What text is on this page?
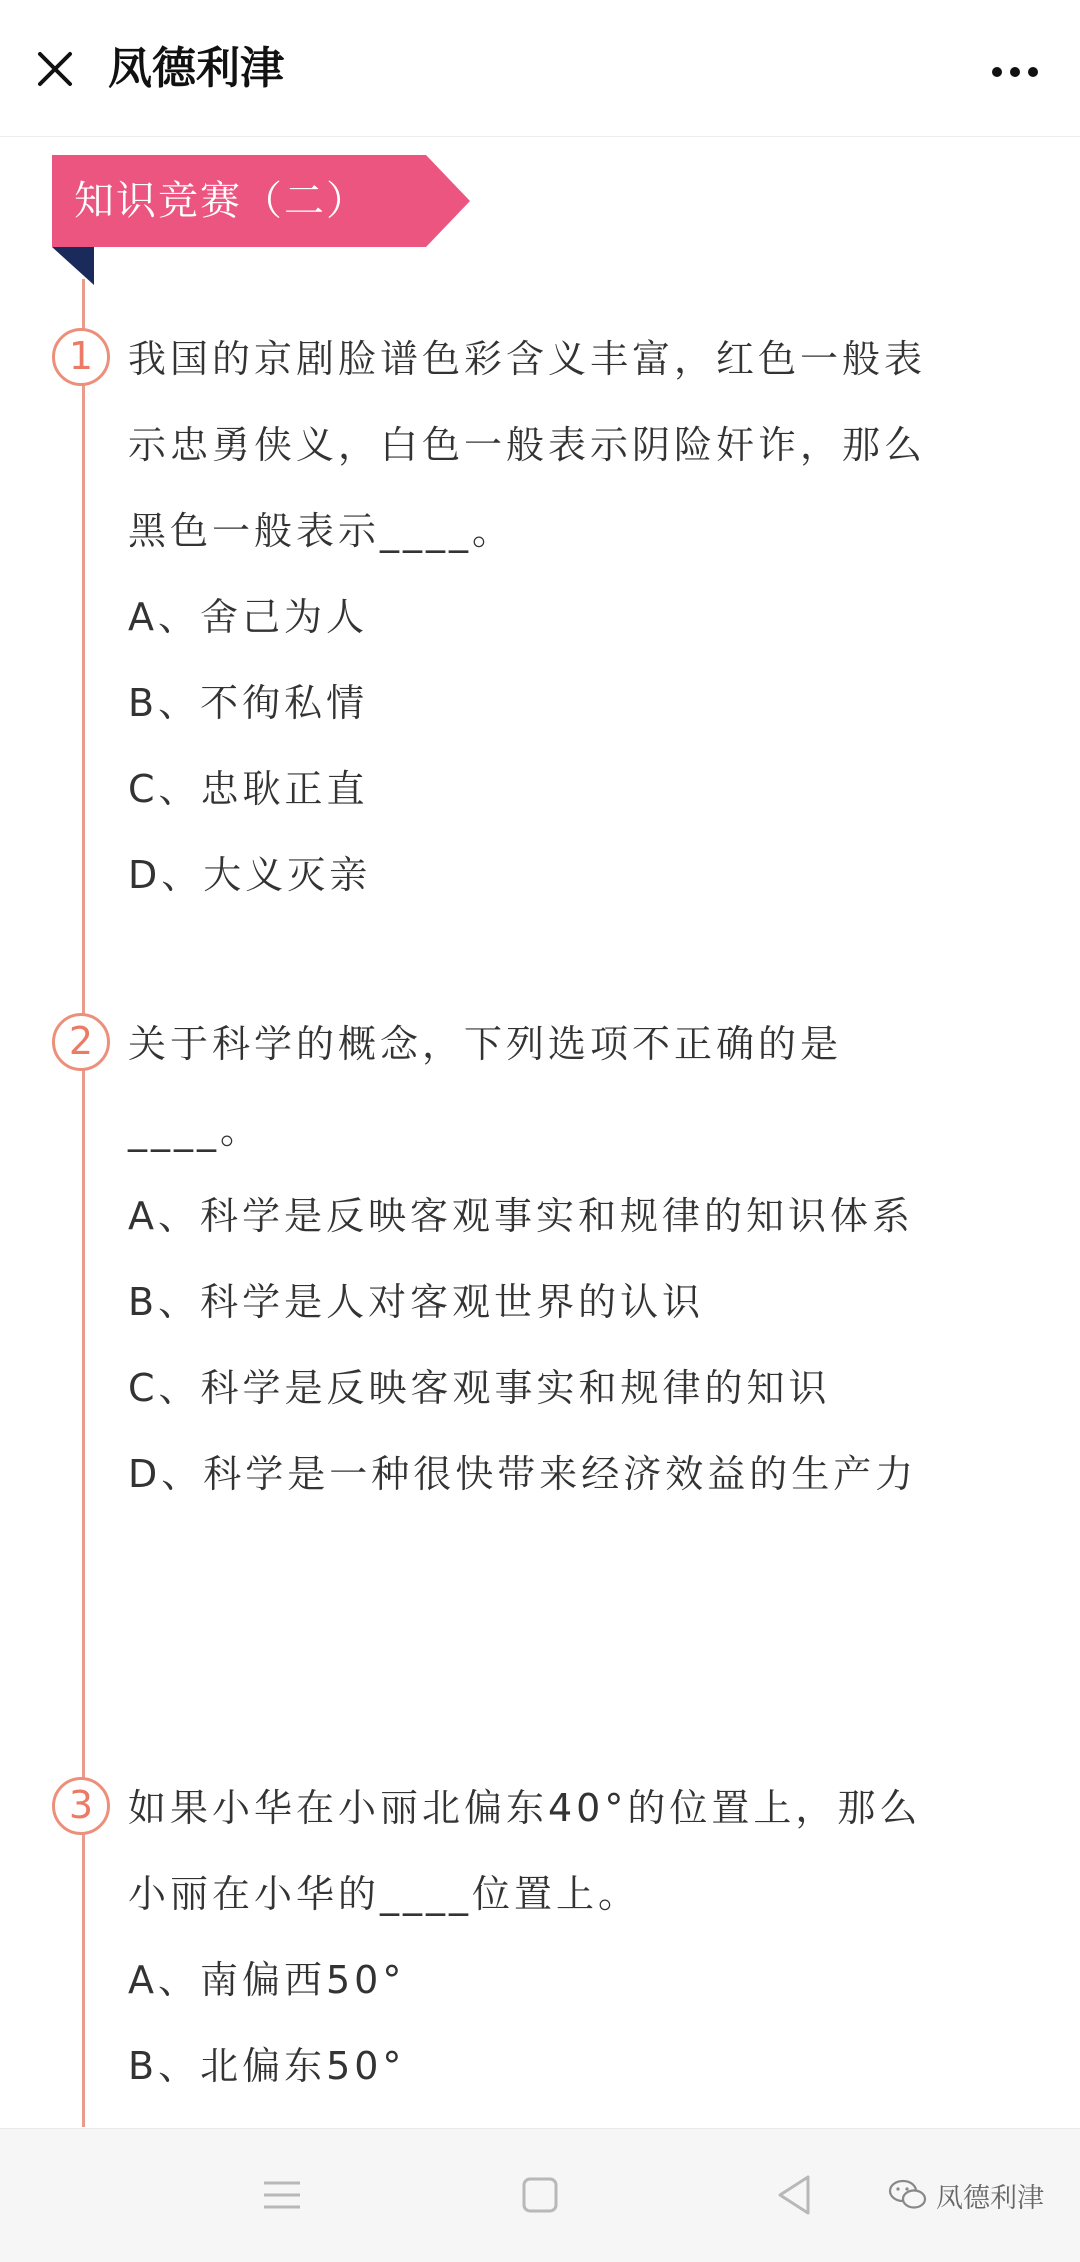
凤德利津
知识竞赛（二）
1 我国的京剧脸谱色彩含义丰富，红色一般表示忠勇侠义，白色一般表示阴险奸诈，那么黑色一般表示____。

A、舍己为人

B、不徇私情

C、忠耿正直

D、大义灭亲

2 关于科学的概念，下列选项不正确的是____。

A、科学是反映客观事实和规律的知识体系

B、科学是人对客观世界的认识

C、科学是反映客观事实和规律的知识

D、科学是一种很快带来经济效益的生产力

3 如果小华在小丽北偏东40°的位置上，那么小丽在小华的____位置上。

A、南偏西50°

B、北偏东50°

凤德利津
